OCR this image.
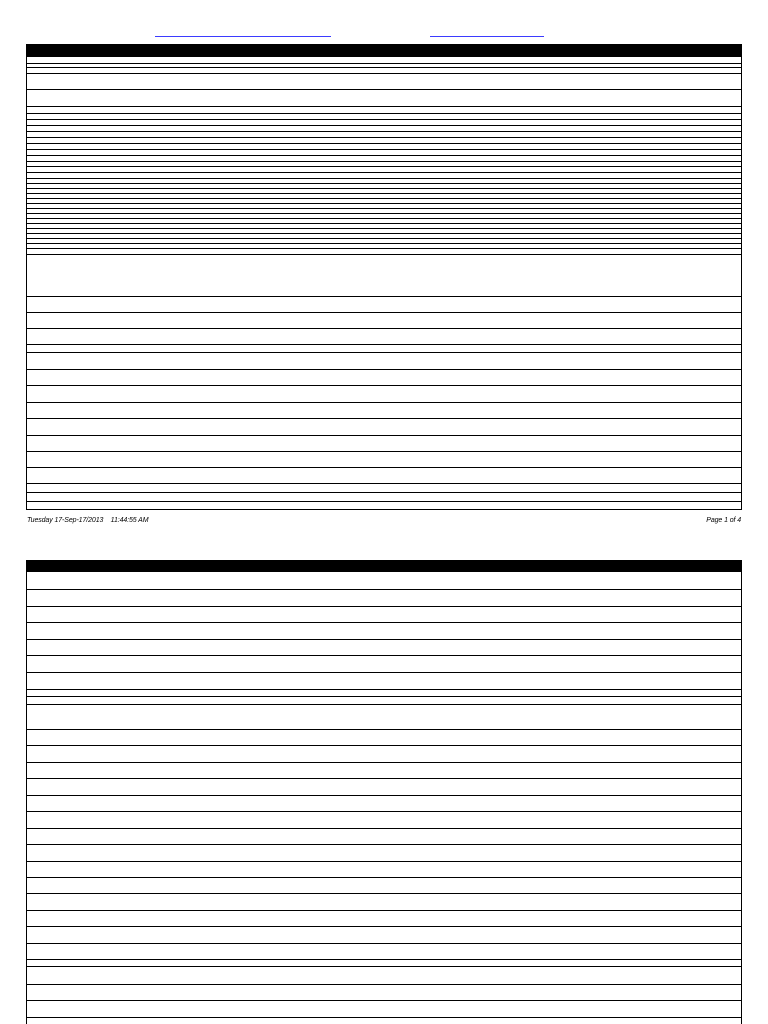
Tuesday 17-Sep-17/2013 11:44:55 AM	Page 1 of 4
